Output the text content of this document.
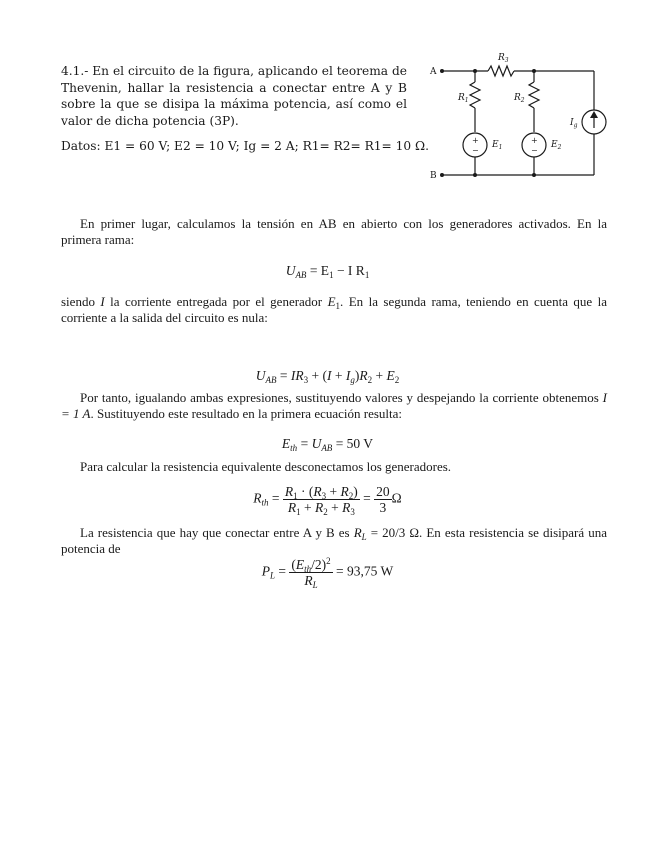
4.1.- En el circuito de la figura, aplicando el teorema de Thevenin, hallar la resistencia a conectar entre A y B sobre la que se disipa la máxima potencia, así como el valor de dicha potencia (3P).
Datos: E1 = 60 V; E2 = 10 V; Ig = 2 A; R1= R2= R1= 10 Ω.
A
B
$R_1$	$R_2$
$R_3$
$E_1$	$E_2$
$I_g$
+
−
+
−
En primer lugar, calculamos la tensión en AB en abierto con los generadores activados. En la primera rama:
$U_{AB} = E_1 - I$ $R_1$
siendo I la corriente entregada por el generador $E_1$. En la segunda rama, teniendo en cuenta que la corriente a la salida del circuito es nula:
$U_{AB} = IR_3 + (I + I_g)R_2 + E_2$
Por tanto, igualando ambas expresiones, sustituyendo valores y despejando la corriente obtenemos I = 1 A. Sustituyendo este resultado en la primera ecuación resulta:
$E_{th} = U_{AB} = 50$ V
Para calcular la resistencia equivalente desconectamos los generadores.
$R_{th} = \frac{R_1 \cdot (R_3 + R_2)}{R_1 + R_2 + R_3} = \frac{20}{3}$ Ω
La resistencia que hay que conectar entre A y B es $R_L = 20/3$ Ω. En esta resistencia se disipará una potencia de
$P_L = \frac{(E_{th}/2)^2}{R_L} = 93,75$ W
